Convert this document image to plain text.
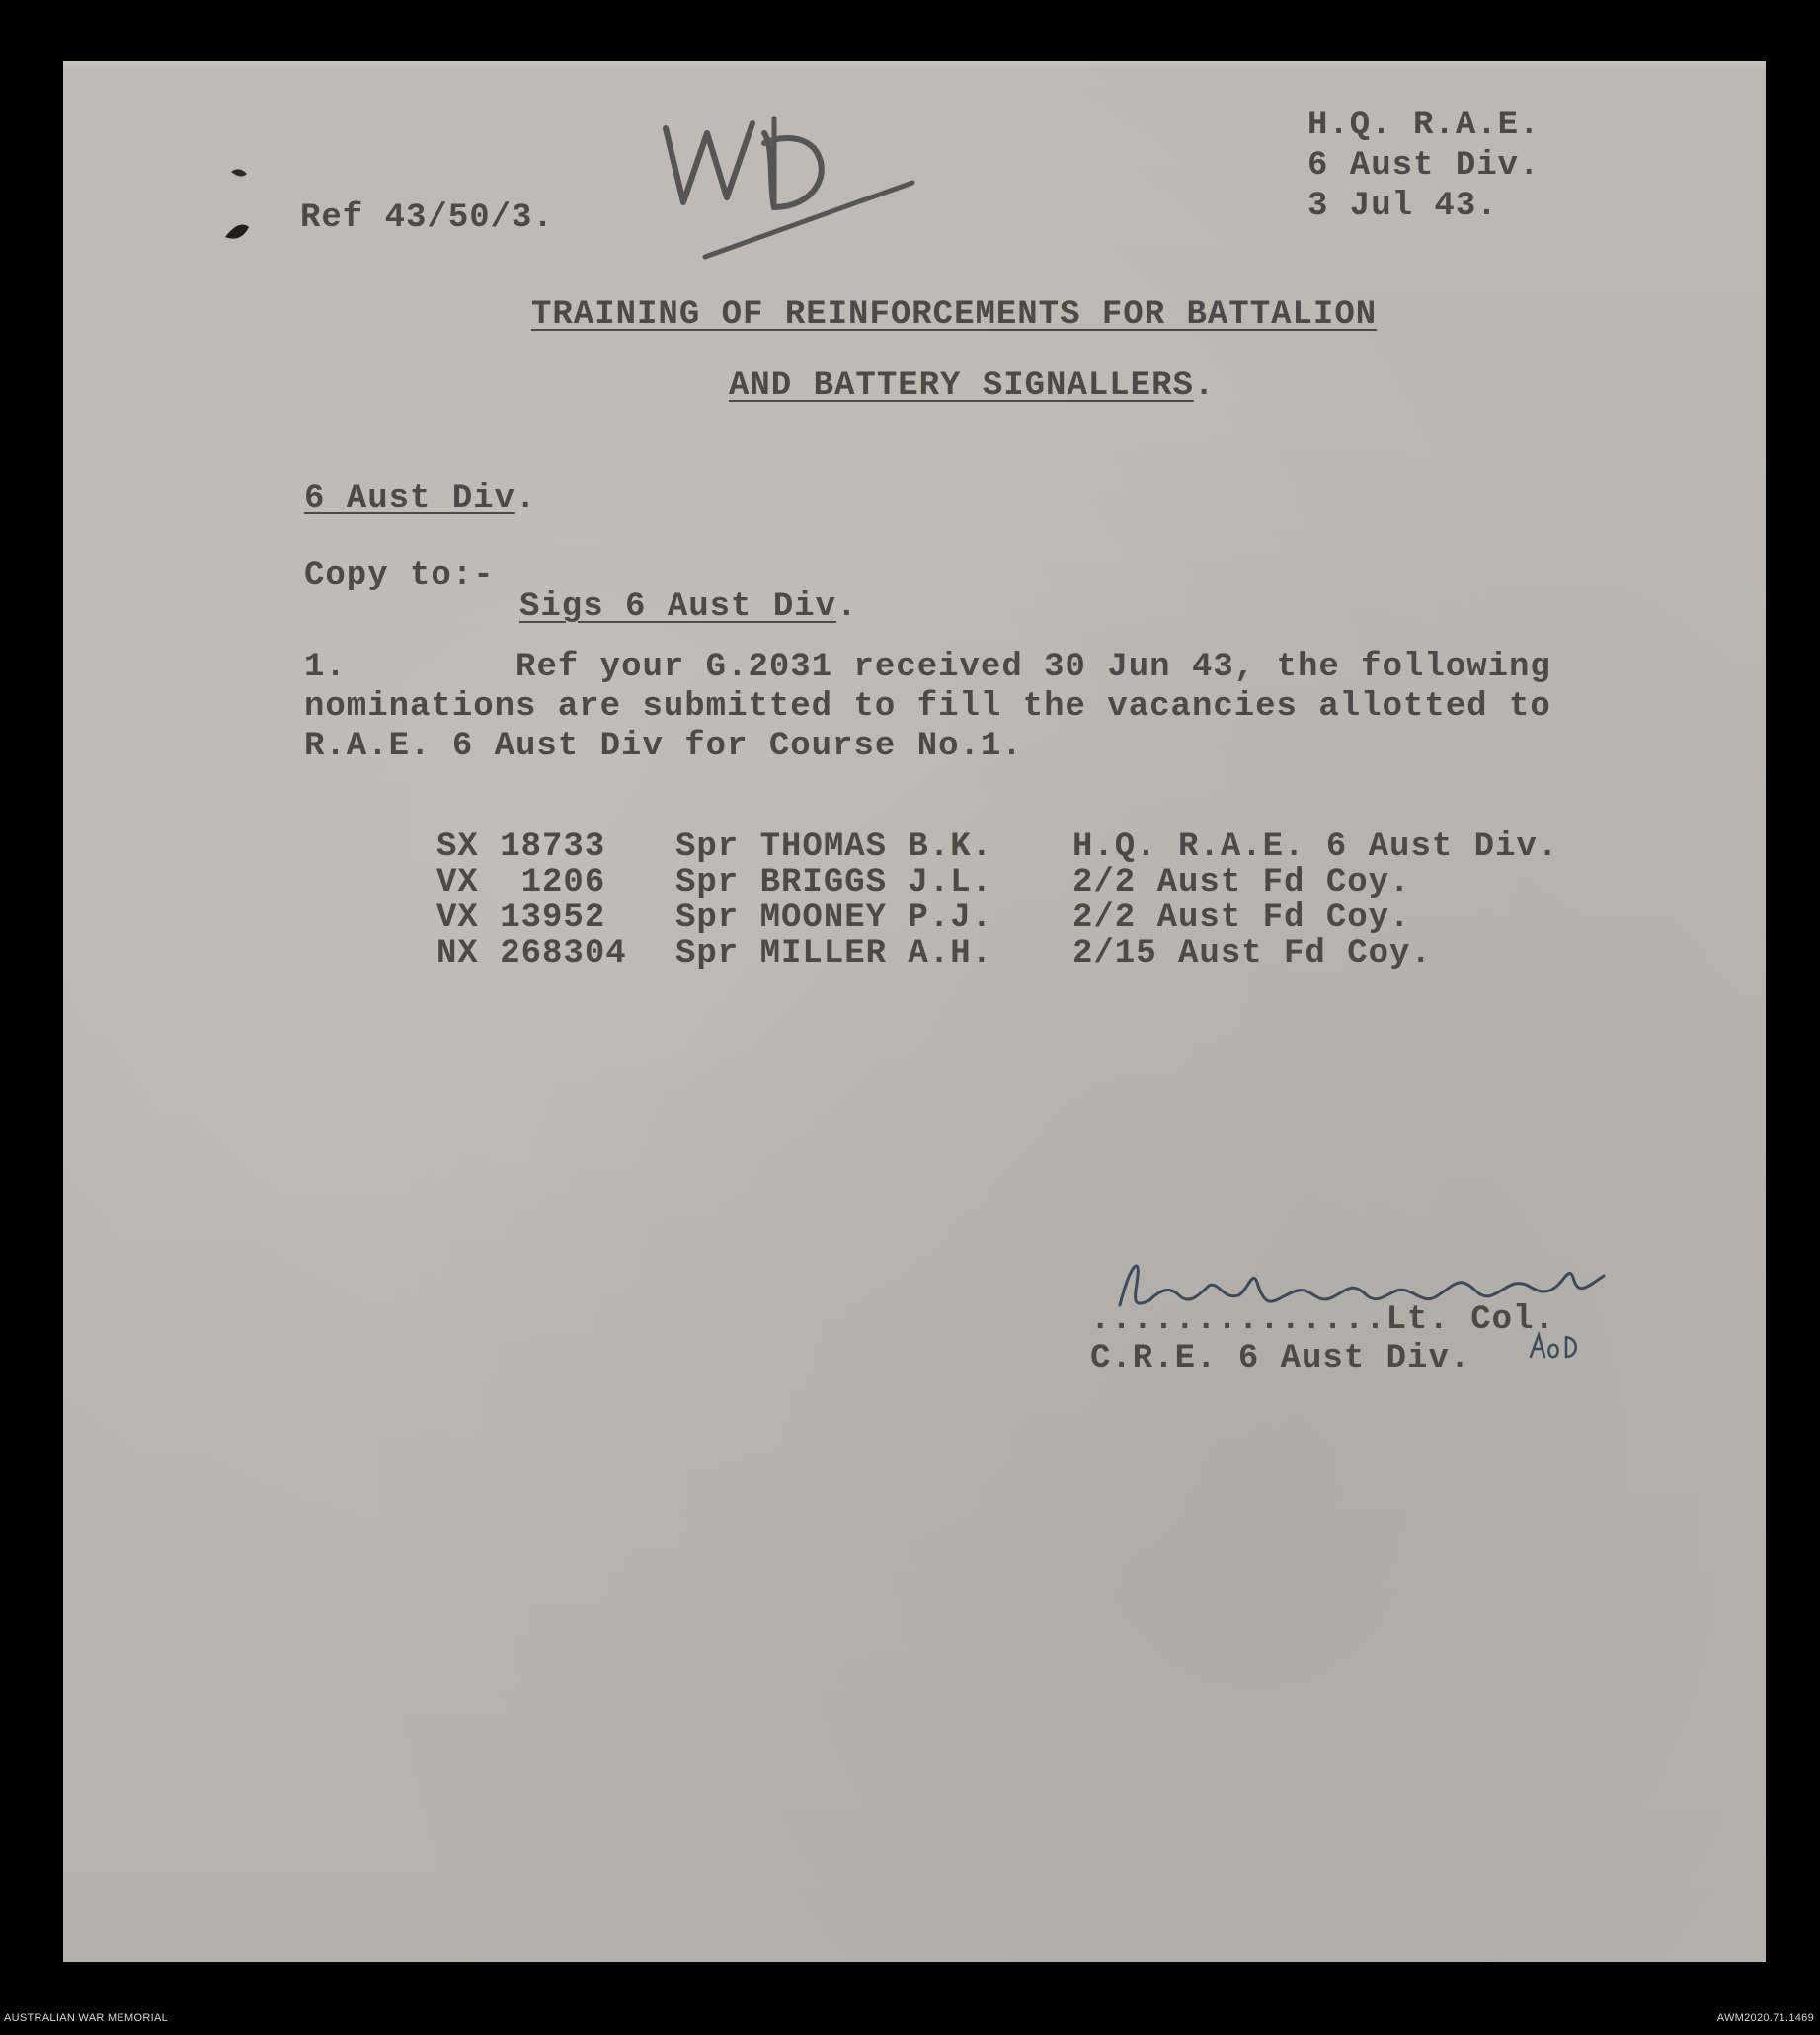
Ref 43/50/3.
H.Q. R.A.E.
6 Aust Div.
3 Jul 43.
TRAINING OF REINFORCEMENTS FOR BATTALION
AND BATTERY SIGNALLERS.
6 Aust Div.
Copy to:-
Sigs 6 Aust Div.
1.	Ref your G.2031 received 30 Jun 43, the following
nominations are submitted to fill the vacancies allotted to
R.A.E. 6 Aust Div for Course No.1.
SX 18733 Spr THOMAS B.K. H.Q. R.A.E. 6 Aust Div.
VX  1206 Spr BRIGGS J.L. 2/2 Aust Fd Coy.
VX 13952 Spr MOONEY P.J. 2/2 Aust Fd Coy.
NX 268304 Spr MILLER A.H. 2/15 Aust Fd Coy.
..............Lt. Col.
C.R.E. 6 Aust Div.
AUSTRALIAN WAR MEMORIAL	AWM2020.71.1469
